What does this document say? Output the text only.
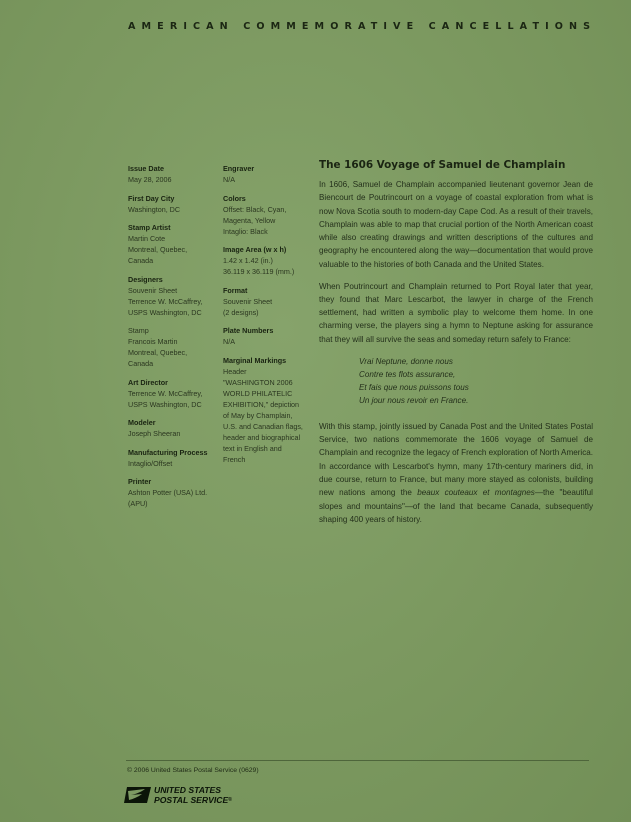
AMERICAN COMMEMORATIVE CANCELLATIONS
Issue Date
May 28, 2006
First Day City
Washington, DC
Stamp Artist
Martin Cote
Montreal, Quebec,
Canada
Designers
Souvenir Sheet
Terrence W. McCaffrey,
USPS Washington, DC
Stamp
Francois Martin
Montreal, Quebec,
Canada
Art Director
Terrence W. McCaffrey,
USPS Washington, DC
Modeler
Joseph Sheeran
Manufacturing Process
Intaglio/Offset
Printer
Ashton Potter (USA) Ltd.
(APU)
Engraver
N/A
Colors
Offset: Black, Cyan,
Magenta, Yellow
Intaglio: Black
Image Area (w x h)
1.42 x 1.42 (in.)
36.119 x 36.119 (mm.)
Format
Souvenir Sheet
(2 designs)
Plate Numbers
N/A
Marginal Markings
Header
"WASHINGTON 2006
WORLD PHILATELIC
EXHIBITION," depiction
of May by Champlain,
U.S. and Canadian flags,
header and biographical
text in English and
French
The 1606 Voyage of Samuel de Champlain

In 1606, Samuel de Champlain accompanied lieutenant governor Jean de Biencourt de Poutrincourt on a voyage of coastal exploration from what is now Nova Scotia south to modern-day Cape Cod. As a result of their travels, Champlain was able to map that crucial portion of the North American coast while also creating drawings and written descriptions of the cultures and geography he encountered along the way—documentation that would prove valuable to the histories of both Canada and the United States.

When Poutrincourt and Champlain returned to Port Royal later that year, they found that Marc Lescarbot, the lawyer in charge of the French settlement, had written a symbolic play to welcome them home. In one charming verse, the players sing a hymn to Neptune asking for assurance that they will all survive the seas and someday return safely to France:

Vrai Neptune, donne nous
Contre tes flots assurance,
Et fais que nous puissons tous
Un jour nous revoir en France.

With this stamp, jointly issued by Canada Post and the United States Postal Service, two nations commemorate the 1606 voyage of Samuel de Champlain and recognize the legacy of French exploration of North America. In accordance with Lescarbot's hymn, many 17th-century mariners did, in due course, return to France, but many more stayed as colonists, building new nations among the beaux couteaux et montagnes—the "beautiful slopes and mountains"—of the land that became Canada, subsequently shaping 400 years of history.

© 2006 United States Postal Service (0629)
UNITED STATES
POSTAL SERVICE®
